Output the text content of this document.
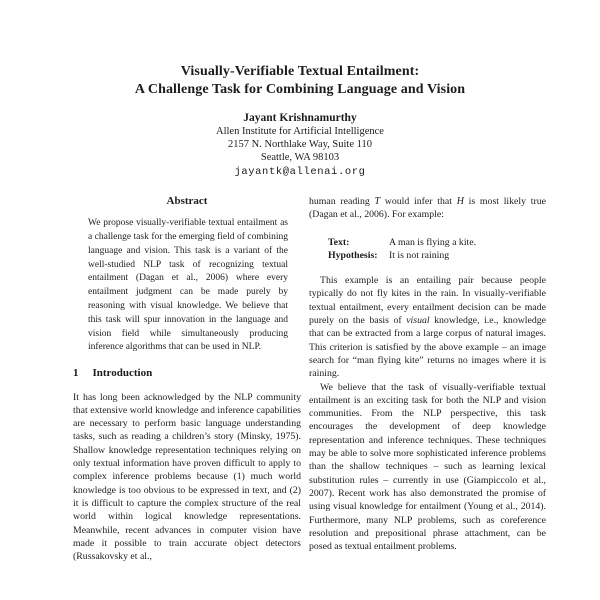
Visually-Verifiable Textual Entailment:
A Challenge Task for Combining Language and Vision
Jayant Krishnamurthy
Allen Institute for Artificial Intelligence
2157 N. Northlake Way, Suite 110
Seattle, WA 98103
jayantk@allenai.org
Abstract
We propose visually-verifiable textual entailment as a challenge task for the emerging field of combining language and vision. This task is a variant of the well-studied NLP task of recognizing textual entailment (Dagan et al., 2006) where every entailment judgment can be made purely by reasoning with visual knowledge. We believe that this task will spur innovation in the language and vision field while simultaneously producing inference algorithms that can be used in NLP.
1 Introduction

It has long been acknowledged by the NLP community that extensive world knowledge and inference capabilities are necessary to perform basic language understanding tasks, such as reading a children’s story (Minsky, 1975). Shallow knowledge representation techniques relying on only textual information have proven difficult to apply to complex inference problems because (1) much world knowledge is too obvious to be expressed in text, and (2) it is difficult to capture the complex structure of the real world within logical knowledge representations. Meanwhile, recent advances in computer vision have made it possible to train accurate object detectors (Russakovsky et al.,

human reading T would infer that H is most likely true (Dagan et al., 2006). For example:

Text:	A man is flying a kite.
Hypothesis:	It is not raining

This example is an entailing pair because people typically do not fly kites in the rain. In visually-verifiable textual entailment, every entailment decision can be made purely on the basis of visual knowledge, i.e., knowledge that can be extracted from a large corpus of natural images. This criterion is satisfied by the above example – an image search for “man flying kite” returns no images where it is raining.

We believe that the task of visually-verifiable textual entailment is an exciting task for both the NLP and vision communities. From the NLP perspective, this task encourages the development of deep knowledge representation and inference techniques. These techniques may be able to solve more sophisticated inference problems than the shallow techniques – such as learning lexical substitution rules – currently in use (Giampiccolo et al., 2007). Recent work has also demonstrated the promise of using visual knowledge for entailment (Young et al., 2014). Furthermore, many NLP problems, such as coreference resolution and prepositional phrase attachment, can be posed as textual entailment problems.
